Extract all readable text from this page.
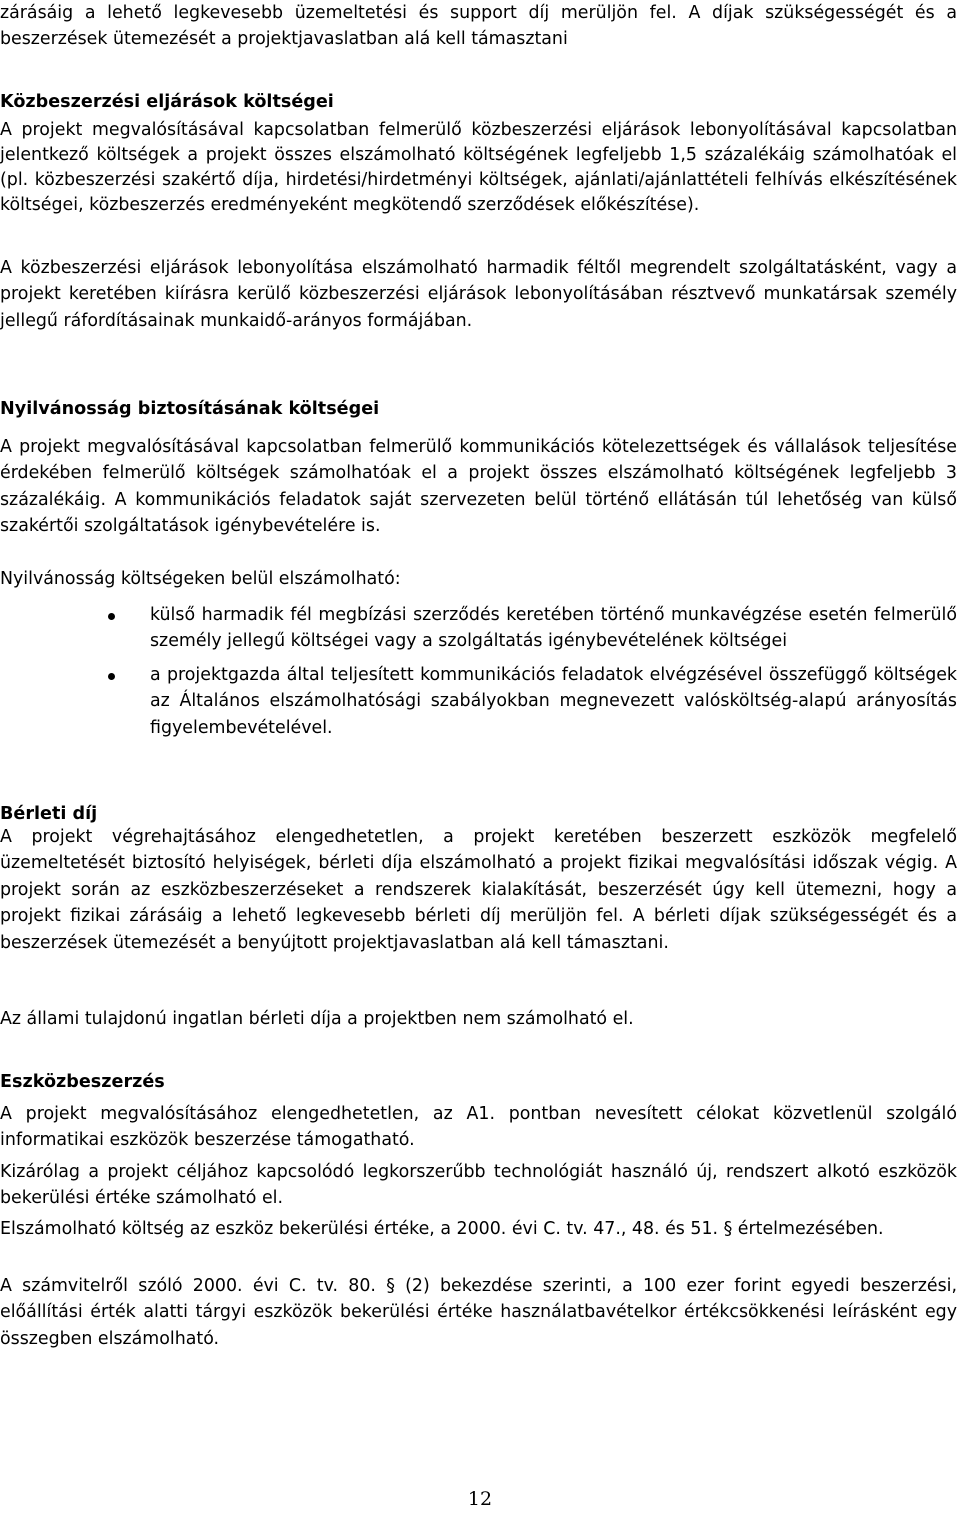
zárásáig a lehető legkevesebb üzemeltetési és support díj merüljön fel. A díjak szükségességét és a beszerzések ütemezését a projektjavaslatban alá kell támasztani

Közbeszerzési eljárások költségei

A projekt megvalósításával kapcsolatban felmerülő közbeszerzési eljárások lebonyolításával kapcsolatban jelentkező költségek a projekt összes elszámolható költségének legfeljebb 1,5 százalékáig számolhatóak el (pl. közbeszerzési szakértő díja, hirdetési/hirdetményi költségek, ajánlati/ajánlattételi felhívás elkészítésének költségei, közbeszerzés eredményeként megkötendő szerződések előkészítése).

A közbeszerzési eljárások lebonyolítása elszámolható harmadik féltől megrendelt szolgáltatásként, vagy a projekt keretében kiírásra kerülő közbeszerzési eljárások lebonyolításában résztvevő munkatársak személy jellegű ráfordításainak munkaidő-arányos formájában.

Nyilvánosság biztosításának költségei

A projekt megvalósításával kapcsolatban felmerülő kommunikációs kötelezettségek és vállalások teljesítése érdekében felmerülő költségek számolhatóak el a projekt összes elszámolható költségének legfeljebb 3 százalékáig. A kommunikációs feladatok saját szervezeten belül történő ellátásán túl lehetőség van külső szakértői szolgáltatások igénybevételére is.

Nyilvánosság költségeken belül elszámolható:

külső harmadik fél megbízási szerződés keretében történő munkavégzése esetén felmerülő személy jellegű költségei vagy a szolgáltatás igénybevételének költségei
a projektgazda által teljesített kommunikációs feladatok elvégzésével összefüggő költségek az Általános elszámolhatósági szabályokban megnevezett valósköltség-alapú arányosítás figyelembevételével.
Bérleti díj

A projekt végrehajtásához elengedhetetlen, a projekt keretében beszerzett eszközök megfelelő üzemeltetését biztosító helyiségek, bérleti díja elszámolható a projekt fizikai megvalósítási időszak végig. A projekt során az eszközbeszerzéseket a rendszerek kialakítását, beszerzését úgy kell ütemezni, hogy a projekt fizikai zárásáig a lehető legkevesebb bérleti díj merüljön fel. A bérleti díjak szükségességét és a beszerzések ütemezését a benyújtott projektjavaslatban alá kell támasztani.

Az állami tulajdonú ingatlan bérleti díja a projektben nem számolható el.

Eszközbeszerzés

A projekt megvalósításához elengedhetetlen, az A1. pontban nevesített célokat közvetlenül szolgáló informatikai eszközök beszerzése támogatható.

Kizárólag a projekt céljához kapcsolódó legkorszerűbb technológiát használó új, rendszert alkotó eszközök bekerülési értéke számolható el.

Elszámolható költség az eszköz bekerülési értéke, a 2000. évi C. tv. 47., 48. és 51. § értelmezésében.

A számvitelről szóló 2000. évi C. tv. 80. § (2) bekezdése szerinti, a 100 ezer forint egyedi beszerzési, előállítási érték alatti tárgyi eszközök bekerülési értéke használatbavételkor értékcsökkenési leírásként egy összegben elszámolható.

12
